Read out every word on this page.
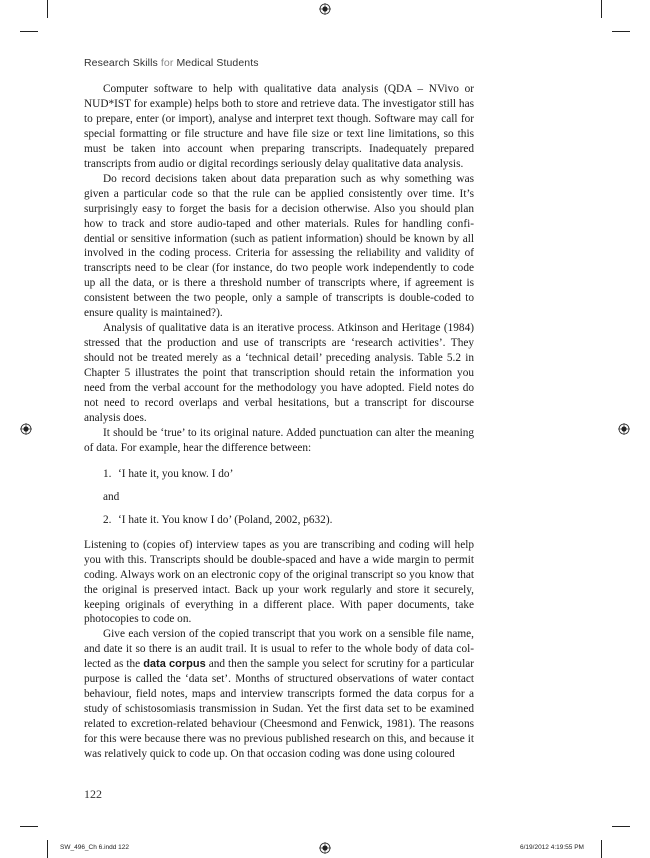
Research Skills for Medical Students

Computer software to help with qualitative data analysis (QDA – NVivo or NUD*IST for example) helps both to store and retrieve data. The investigator still has to prepare, enter (or import), analyse and interpret text though. Software may call for special formatting or file structure and have file size or text line limitations, so this must be taken into account when preparing transcripts. Inadequately prepared transcripts from audio or digital recordings seriously delay qualitative data analysis.

Do record decisions taken about data preparation such as why something was given a particular code so that the rule can be applied consistently over time. It’s surprisingly easy to forget the basis for a decision otherwise. Also you should plan how to track and store audio-taped and other materials. Rules for handling confidential or sensitive information (such as patient information) should be known by all involved in the coding process. Criteria for assessing the reliability and validity of transcripts need to be clear (for instance, do two people work independently to code up all the data, or is there a threshold number of transcripts where, if agreement is consistent between the two people, only a sample of transcripts is double-coded to ensure quality is maintained?).

Analysis of qualitative data is an iterative process. Atkinson and Heritage (1984) stressed that the production and use of transcripts are ‘research activities’. They should not be treated merely as a ‘technical detail’ preceding analysis. Table 5.2 in Chapter 5 illustrates the point that transcription should retain the information you need from the verbal account for the methodology you have adopted. Field notes do not need to record overlaps and verbal hesitations, but a transcript for discourse analysis does.

It should be ‘true’ to its original nature. Added punctuation can alter the meaning of data. For example, hear the difference between:

1. ‘I hate it, you know. I do’
and
2. ‘I hate it. You know I do’ (Poland, 2002, p632).

Listening to (copies of) interview tapes as you are transcribing and coding will help you with this. Transcripts should be double-spaced and have a wide margin to permit coding. Always work on an electronic copy of the original transcript so you know that the original is preserved intact. Back up your work regularly and store it securely, keeping originals of everything in a different place. With paper documents, take photocopies to code on.

Give each version of the copied transcript that you work on a sensible file name, and date it so there is an audit trail. It is usual to refer to the whole body of data collected as the data corpus and then the sample you select for scrutiny for a particular purpose is called the ‘data set’. Months of structured observations of water contact behaviour, field notes, maps and interview transcripts formed the data corpus for a study of schistosomiasis transmission in Sudan. Yet the first data set to be examined related to excretion-related behaviour (Cheesmond and Fenwick, 1981). The reasons for this were because there was no previous published research on this, and because it was relatively quick to code up. On that occasion coding was done using coloured

122
SW_496_Ch 6.indd 122	6/19/2012 4:19:55 PM
